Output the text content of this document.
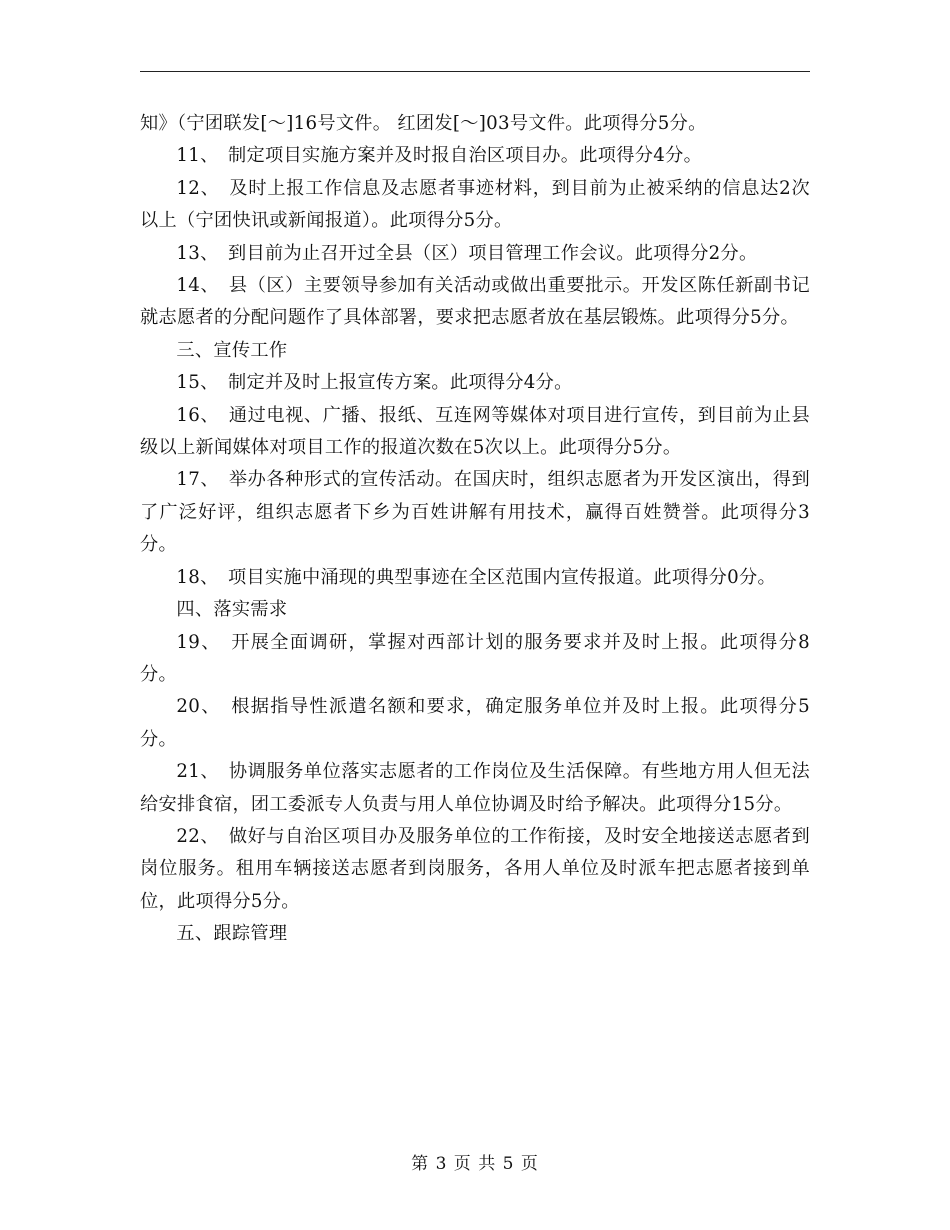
知》（宁团联发[～]16号文件。 红团发[～]03号文件。此项得分5分。

11、　制定项目实施方案并及时报自治区项目办。此项得分4分。

12、　及时上报工作信息及志愿者事迹材料，到目前为止被采纳的信息达2次以上（宁团快讯或新闻报道）。此项得分5分。

13、　到目前为止召开过全县（区）项目管理工作会议。此项得分2分。

14、　县（区）主要领导参加有关活动或做出重要批示。开发区陈任新副书记就志愿者的分配问题作了具体部署，要求把志愿者放在基层锻炼。此项得分5分。

三、宣传工作

15、　制定并及时上报宣传方案。此项得分4分。

16、　通过电视、广播、报纸、互连网等媒体对项目进行宣传，到目前为止县级以上新闻媒体对项目工作的报道次数在5次以上。此项得分5分。

17、　举办各种形式的宣传活动。在国庆时，组织志愿者为开发区演出，得到了广泛好评，组织志愿者下乡为百姓讲解有用技术，赢得百姓赞誉。此项得分3分。

18、　项目实施中涌现的典型事迹在全区范围内宣传报道。此项得分0分。

四、落实需求

19、　开展全面调研，掌握对西部计划的服务要求并及时上报。此项得分8分。

20、　根据指导性派遣名额和要求，确定服务单位并及时上报。此项得分5分。

21、　协调服务单位落实志愿者的工作岗位及生活保障。有些地方用人但无法给安排食宿，团工委派专人负责与用人单位协调及时给予解决。此项得分15分。

22、　做好与自治区项目办及服务单位的工作衔接，及时安全地接送志愿者到岗位服务。租用车辆接送志愿者到岗服务，各用人单位及时派车把志愿者接到单位，此项得分5分。

五、跟踪管理

第 3 页 共 5 页
